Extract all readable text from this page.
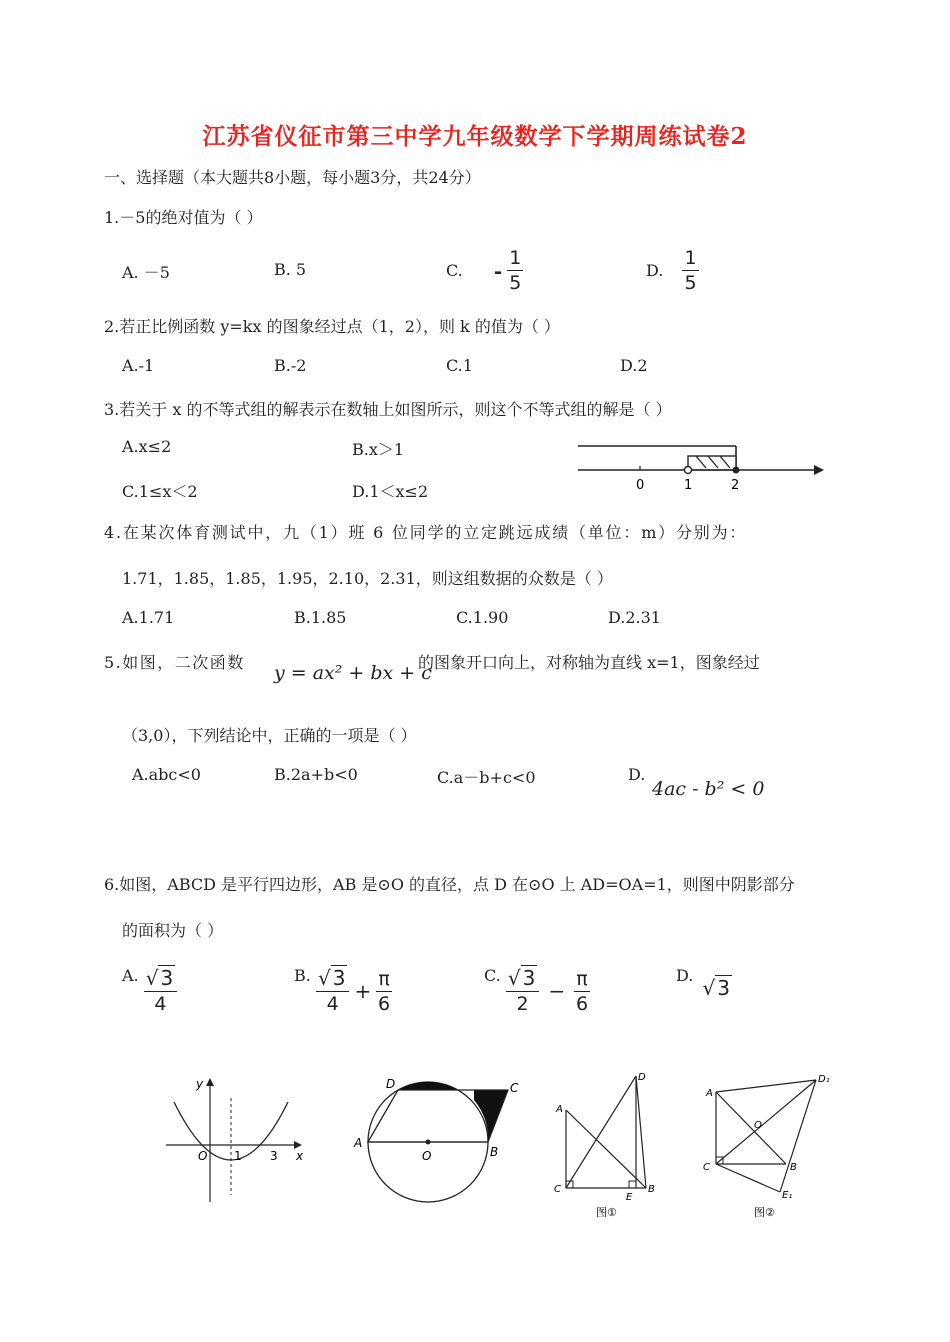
江苏省仪征市第三中学九年级数学下学期周练试卷2
一、选择题（本大题共8小题，每小题3分，共24分）
1.－5的绝对值为（ ）
A. －5	B. 5	C. - $\frac{1}{5}$	D. $\frac{1}{5}$
2.若正比例函数 y=kx 的图象经过点（1，2），则 k 的值为（ ）
A.-1	B.-2	C.1	D.2
3.若关于 x 的不等式组的解表示在数轴上如图所示，则这个不等式组的解是（ ）
A.x≤2	B.x＞1
C.1≤x＜2	D.1＜x≤2	0	1	2
4.在某次体育测试中，九（1）班 6 位同学的立定跳远成绩（单位：m）分别为：
1.71，1.85，1.85，1.95，2.10，2.31，则这组数据的众数是（ ）
A.1.71	B.1.85	C.1.90	D.2.31
5.如图，二次函数 y = ax² + bx + c
的图象开口向上，对称轴为直线 x=1，图象经过
（3,0），下列结论中，正确的一项是（ ）
A.abc<0	B.2a+b<0	C.a－b+c<0	D.
4ac - b² < 0
6.如图，ABCD 是平行四边形，AB 是⊙O 的直径，点 D 在⊙O 上 AD=OA=1，则图中阴影部分
的面积为（ ）
A. $\frac{√ 3}{4}$	B. $\frac{√ 3}{4} + \frac{\pi}{6}$	C. $\frac{√ 3}{2} - \frac{\pi}{6}$	D. √ 3
y
x
O 1 3
A
B
C
D
O
A
B
C
D
E
图①
A
B
C
D₁
E₁
O
图②
